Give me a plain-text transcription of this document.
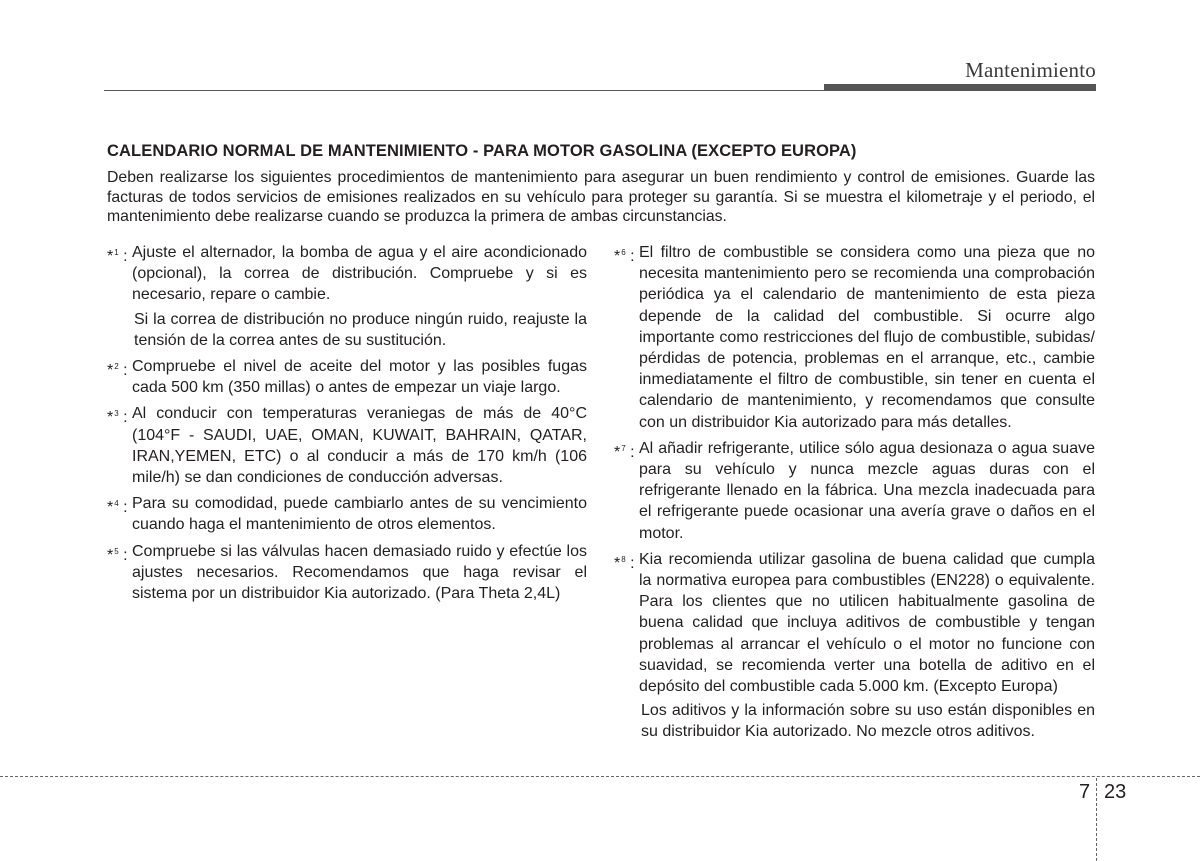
Mantenimiento
CALENDARIO NORMAL DE MANTENIMIENTO - PARA MOTOR GASOLINA (EXCEPTO EUROPA)

Deben realizarse los siguientes procedimientos de mantenimiento para asegurar un buen rendimiento y control de emisiones. Guarde las facturas de todos servicios de emisiones realizados en su vehículo para proteger su garantía. Si se muestra el kilometraje y el periodo, el mantenimiento debe realizarse cuando se produzca la primera de ambas circunstancias.

*$^1$ : Ajuste el alternador, la bomba de agua y el aire acondicionado (opcional), la correa de distribución. Compruebe y si es necesario, repare o cambie.

Si la correa de distribución no produce ningún ruido, reajuste la tensión de la correa antes de su sustitución.

*$^2$ : Compruebe el nivel de aceite del motor y las posibles fugas cada 500 km (350 millas) o antes de empezar un viaje largo.

*$^3$ : Al conducir con temperaturas veraniegas de más de 40°C (104°F - SAUDI, UAE, OMAN, KUWAIT, BAHRAIN, QATAR, IRAN,YEMEN, ETC) o al conducir a más de 170 km/h (106 mile/h) se dan condiciones de conducción adversas.

*$^4$ : Para su comodidad, puede cambiarlo antes de su vencimiento cuando haga el mantenimiento de otros elementos.

*$^5$ : Compruebe si las válvulas hacen demasiado ruido y efectúe los ajustes necesarios. Recomendamos que haga revisar el sistema por un distribuidor Kia autorizado. (Para Theta 2,4L)

*$^6$ : El filtro de combustible se considera como una pieza que no necesita mantenimiento pero se recomienda una comprobación periódica ya el calendario de mantenimiento de esta pieza depende de la calidad del combustible. Si ocurre algo importante como restricciones del flujo de combustible, subidas/ pérdidas de potencia, problemas en el arranque, etc., cambie inmediatamente el filtro de combustible, sin tener en cuenta el calendario de mantenimiento, y recomendamos que consulte con un distribuidor Kia autorizado para más detalles.

*$^7$ : Al añadir refrigerante, utilice sólo agua desionaza o agua suave para su vehículo y nunca mezcle aguas duras con el refrigerante llenado en la fábrica. Una mezcla inadecuada para el refrigerante puede ocasionar una avería grave o daños en el motor.

*$^8$ : Kia recomienda utilizar gasolina de buena calidad que cumpla la normativa europea para combustibles (EN228) o equivalente. Para los clientes que no utilicen habitualmente gasolina de buena calidad que incluya aditivos de combustible y tengan problemas al arrancar el vehículo o el motor no funcione con suavidad, se recomienda verter una botella de aditivo en el depósito del combustible cada 5.000 km. (Excepto Europa)

Los aditivos y la información sobre su uso están disponibles en su distribuidor Kia autorizado. No mezcle otros aditivos.

7 23
